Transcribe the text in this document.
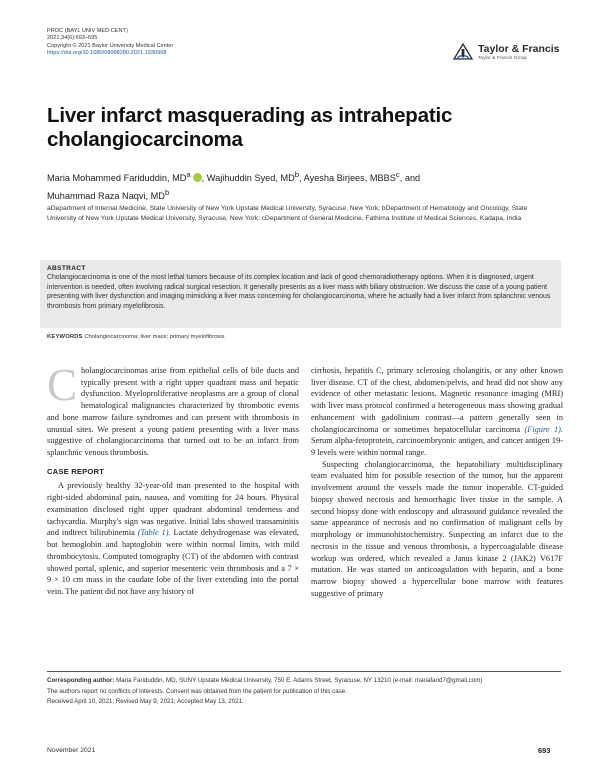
PROC (BAYL UNIV MED CENT)
2021;34(6):693–695
Copyright © 2021 Baylor University Medical Center
https://doi.org/10.1080/08998280.2021.1930968	Taylor & Francis
Taylor & Francis Group
Liver infarct masquerading as intrahepatic cholangiocarcinoma
Maria Mohammed Fariduddin, $MD^a$ , Wajihuddin Syed, $MD^b$, Ayesha Birjees, MBBS$^c$, and
Muhammad Raza Naqvi, $MD^b$
aDepartment of Internal Medicine, State University of New York Upstate Medical University, Syracuse, New York; bDepartment of Hematology and Oncology, State University of New York Upstate Medical University, Syracuse, New York; cDepartment of General Medicine, Fathima Institute of Medical Sciences, Kadapa, India
ABSTRACT
Cholangiocarcinoma is one of the most lethal tumors because of its complex location and lack of good chemoradiotherapy options. When it is diagnosed, urgent intervention is needed, often involving radical surgical resection. It generally presents as a liver mass with biliary obstruction. We discuss the case of a young patient presenting with liver dysfunction and imaging mimicking a liver mass concerning for cholangiocarcinoma, where he actually had a liver infarct from splanchnic venous thrombosis from primary myelofibrosis.
KEYWORDS Cholangiocarcinoma; liver mass; primary myelofibrosis

Cholangiocarcinomas arise from epithelial cells of bile ducts and typically present with a right upper quadrant mass and hepatic dysfunction. Myeloproliferative neoplasms are a group of clonal hematological malignancies characterized by thrombotic events and bone marrow failure syndromes and can present with thrombosis in unusual sites. We present a young patient presenting with a liver mass suggestive of cholangiocarcinoma that turned out to be an infarct from splanchnic venous thrombosis.

CASE REPORT

A previously healthy 32-year-old man presented to the hospital with right-sided abdominal pain, nausea, and vomiting for 24 hours. Physical examination disclosed right upper quadrant abdominal tenderness and tachycardia. Murphy's sign was negative. Initial labs showed transaminitis and indirect bilirubinemia (Table 1). Lactate dehydrogenase was elevated, but hemoglobin and haptoglobin were within normal limits, with mild thrombocytosis. Computed tomography (CT) of the abdomen with contrast showed portal, splenic, and superior mesenteric vein thrombosis and a 7 × 9 × 10 cm mass in the caudate lobe of the liver extending into the portal vein. The patient did not have any history of

cirrhosis, hepatitis C, primary sclerosing cholangitis, or any other known liver disease. CT of the chest, abdomen/pelvis, and head did not show any evidence of other metastatic lesions. Magnetic resonance imaging (MRI) with liver mass protocol confirmed a heterogeneous mass showing gradual enhancement with gadolinium contrast—a pattern generally seen in cholangiocarcinoma or sometimes hepatocellular carcinoma (Figure 1). Serum alpha-fetoprotein, carcinoembryonic antigen, and cancer antigen 19-9 levels were within normal range.

Suspecting cholangiocarcinoma, the hepatobiliary multidisciplinary team evaluated him for possible resection of the tumor, but the apparent involvement around the vessels made the tumor inoperable. CT-guided biopsy showed necrosis and hemorrhagic liver tissue in the sample. A second biopsy done with endoscopy and ultrasound guidance revealed the same appearance of necrosis and no confirmation of malignant cells by morphology or immunohistochemistry. Suspecting an infarct due to the necrosis in the tissue and venous thrombosis, a hypercoagulable disease workup was ordered, which revealed a Janus kinase 2 (JAK2) V617F mutation. He was started on anticoagulation with heparin, and a bone marrow biopsy showed a hypercellular bone marrow with features suggestive of primary

Corresponding author: Maria Fariduddin, MD, SUNY Upstate Medical University, 750 E. Adams Street, Syracuse, NY 13210 (e-mail: mariafarid7@gmail.com)
The authors report no conflicts of interests. Consent was obtained from the patient for publication of this case.
Received April 10, 2021; Revised May 9, 2021; Accepted May 13, 2021.
November 2021	693
